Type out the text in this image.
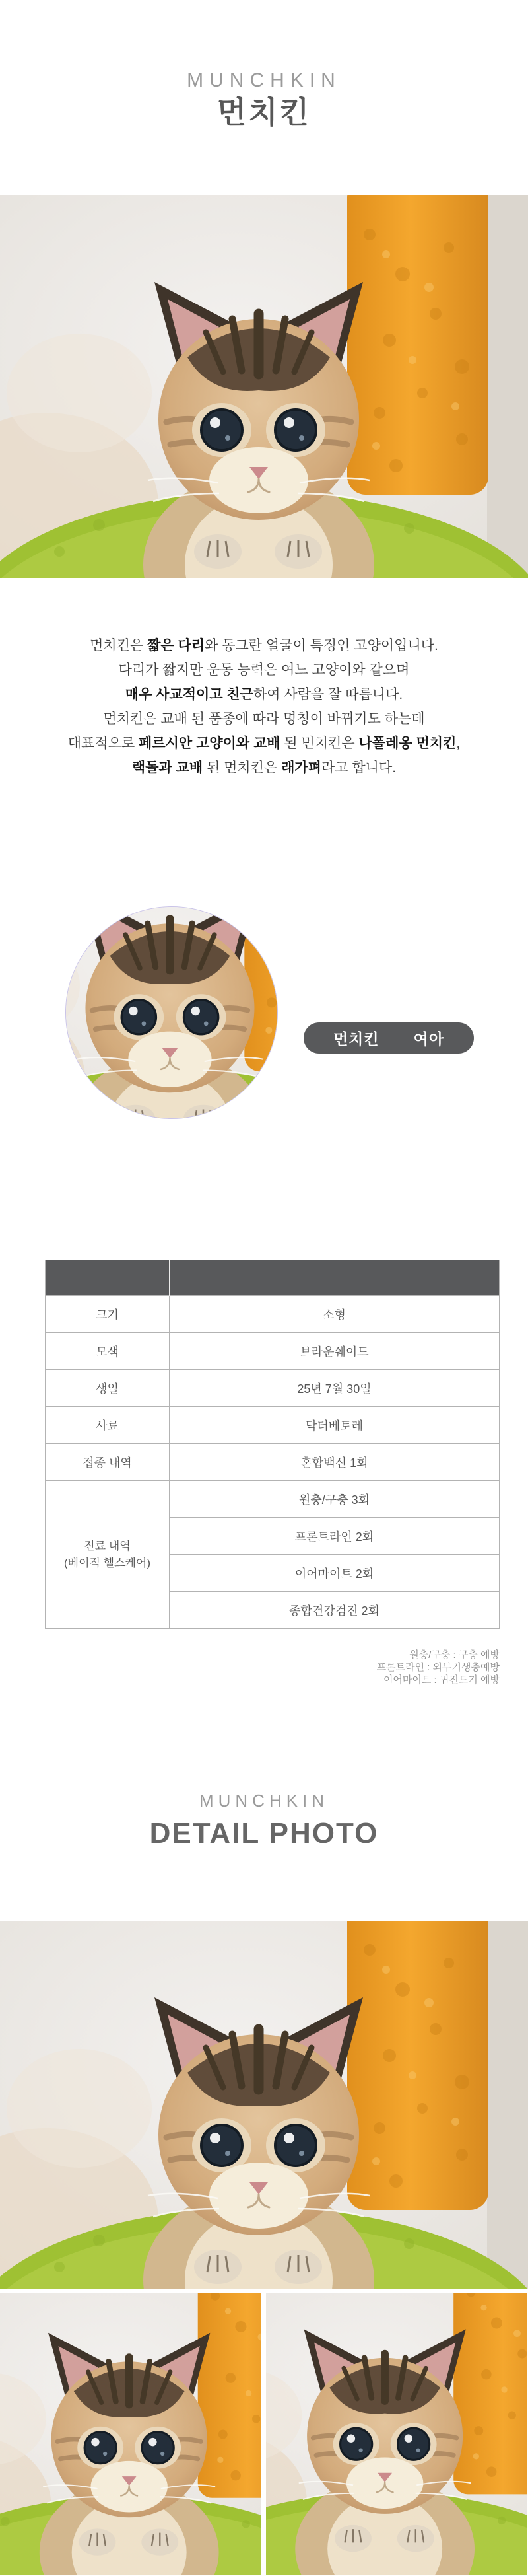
MUNCHKIN
먼치킨

먼치킨은 짧은 다리와 동그란 얼굴이 특징인 고양이입니다.

다리가 짧지만 운동 능력은 여느 고양이와 같으며

매우 사교적이고 친근하여 사람을 잘 따릅니다.

먼치킨은 교배 된 품종에 따라 명칭이 바뀌기도 하는데

대표적으로 페르시안 고양이와 교배 된 먼치킨은 나폴레옹 먼치킨,

랙돌과 교배 된 먼치킨은 래가펴라고 합니다.

먼치킨 여아

크기	소형
모색	브라운쉐이드
생일	25년 7월 30일
사료	닥터베토레
접종 내역	혼합백신 1회
진료 내역
(베이직 헬스케어)	원충/구충 3회
	프론트라인 2회
	이어마이트 2회
	종합건강검진 2회
원충/구충 : 구충 예방
프론트라인 : 외부기생충예방
이어마이트 : 귀진드기 예방

MUNCHKIN

DETAIL PHOTO
